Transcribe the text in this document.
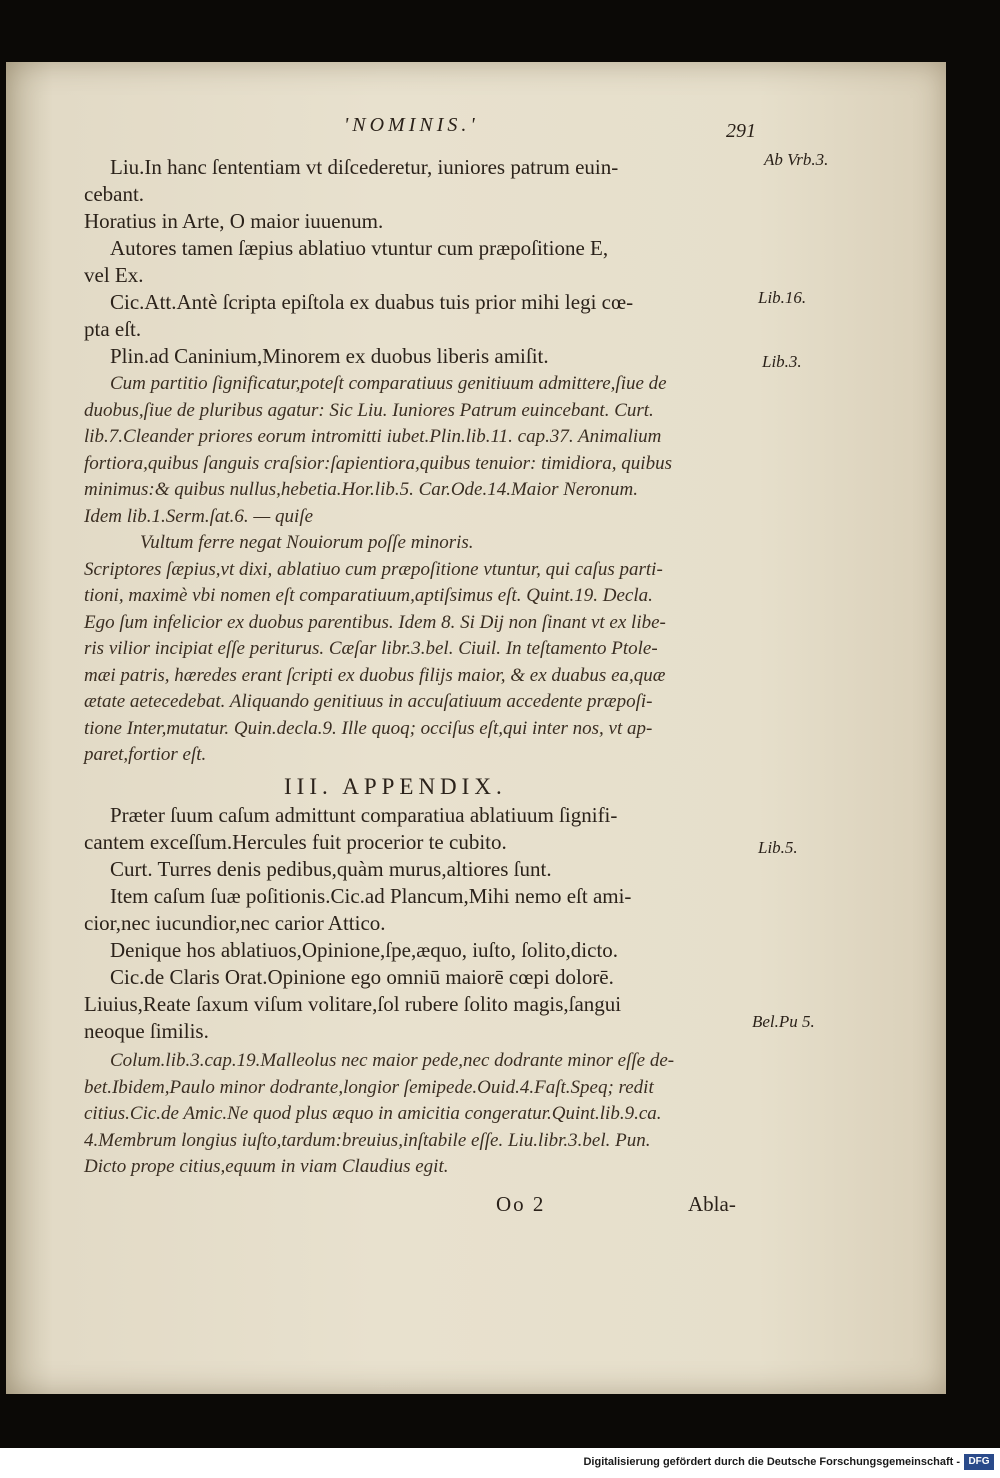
'NOMINIS.'	291
Liu.In hanc ſententiam vt diſcederetur, iuniores patrum euin-
cebant.
Horatius in Arte, O maior iuuenum.
Autores tamen ſæpius ablatiuo vtuntur cum præpoſitione E,
vel Ex.
Cic.Att.Antè ſcripta epiſtola ex duabus tuis prior mihi legi cœ-
pta eſt.
Plin.ad Caninium,Minorem ex duobus liberis amiſit.
Cum partitio ſignificatur,poteſt comparatiuus genitiuum admittere,ſiue de
duobus,ſiue de pluribus agatur: Sic Liu. Iuniores Patrum euincebant. Curt.
lib.7.Cleander priores eorum intromitti iubet.Plin.lib.11. cap.37. Animalium
fortiora,quibus ſanguis craſsior:ſapientiora,quibus tenuior: timidiora, quibus
minimus:& quibus nullus,hebetia.Hor.lib.5. Car.Ode.14.Maior Neronum.
Idem lib.1.Serm.ſat.6. — quiſe
Vultum ferre negat Nouiorum poſſe minoris.
Scriptores ſæpius,vt dixi, ablatiuo cum præpoſitione vtuntur, qui caſus parti-
tioni, maximè vbi nomen eſt comparatiuum,aptiſsimus eſt. Quint.19. Decla.
Ego ſum infelicior ex duobus parentibus. Idem 8. Si Dij non ſinant vt ex libe-
ris vilior incipiat eſſe periturus. Cæſar libr.3.bel. Ciuil. In teſtamento Ptole-
mæi patris, hæredes erant ſcripti ex duobus filijs maior, & ex duabus ea,quæ
ætate aetecedebat. Aliquando genitiuus in accuſatiuum accedente præpoſi-
tione Inter,mutatur. Quin.decla.9. Ille quoq; occiſus eſt,qui inter nos, vt ap-
paret,fortior eſt.
Præter ſuum caſum admittunt comparatiua ablatiuum ſignifi-
cantem exceſſum.Hercules fuit procerior te cubito.
Curt. Turres denis pedibus,quàm murus,altiores ſunt.
Item caſum ſuæ poſitionis.Cic.ad Plancum,Mihi nemo eſt ami-
cior,nec iucundior,nec carior Attico.
Denique hos ablatiuos,Opinione,ſpe,æquo, iuſto, ſolito,dicto.
Cic.de Claris Orat.Opinione ego omniū maiorē cœpi dolorē.
Liuius,Reate ſaxum viſum volitare,ſol rubere ſolito magis,ſangui
neoque ſimilis.
Colum.lib.3.cap.19.Malleolus nec maior pede,nec dodrante minor eſſe de-
bet.Ibidem,Paulo minor dodrante,longior ſemipede.Ouid.4.Faſt.Speq; redit
citius.Cic.de Amic.Ne quod plus æquo in amicitia congeratur.Quint.lib.9.ca.
4.Membrum longius iuſto,tardum:breuius,inſtabile eſſe. Liu.libr.3.bel. Pun.
Dicto prope citius,equum in viam Claudius egit.
III. APPENDIX.
Ab Vrb.3.
Lib.16.
Lib.3.
Lib.5.
Bel.Pu 5.
Oo 2	Abla-
Digitalisierung gefördert durch die Deutsche Forschungsgemeinschaft - DFG
